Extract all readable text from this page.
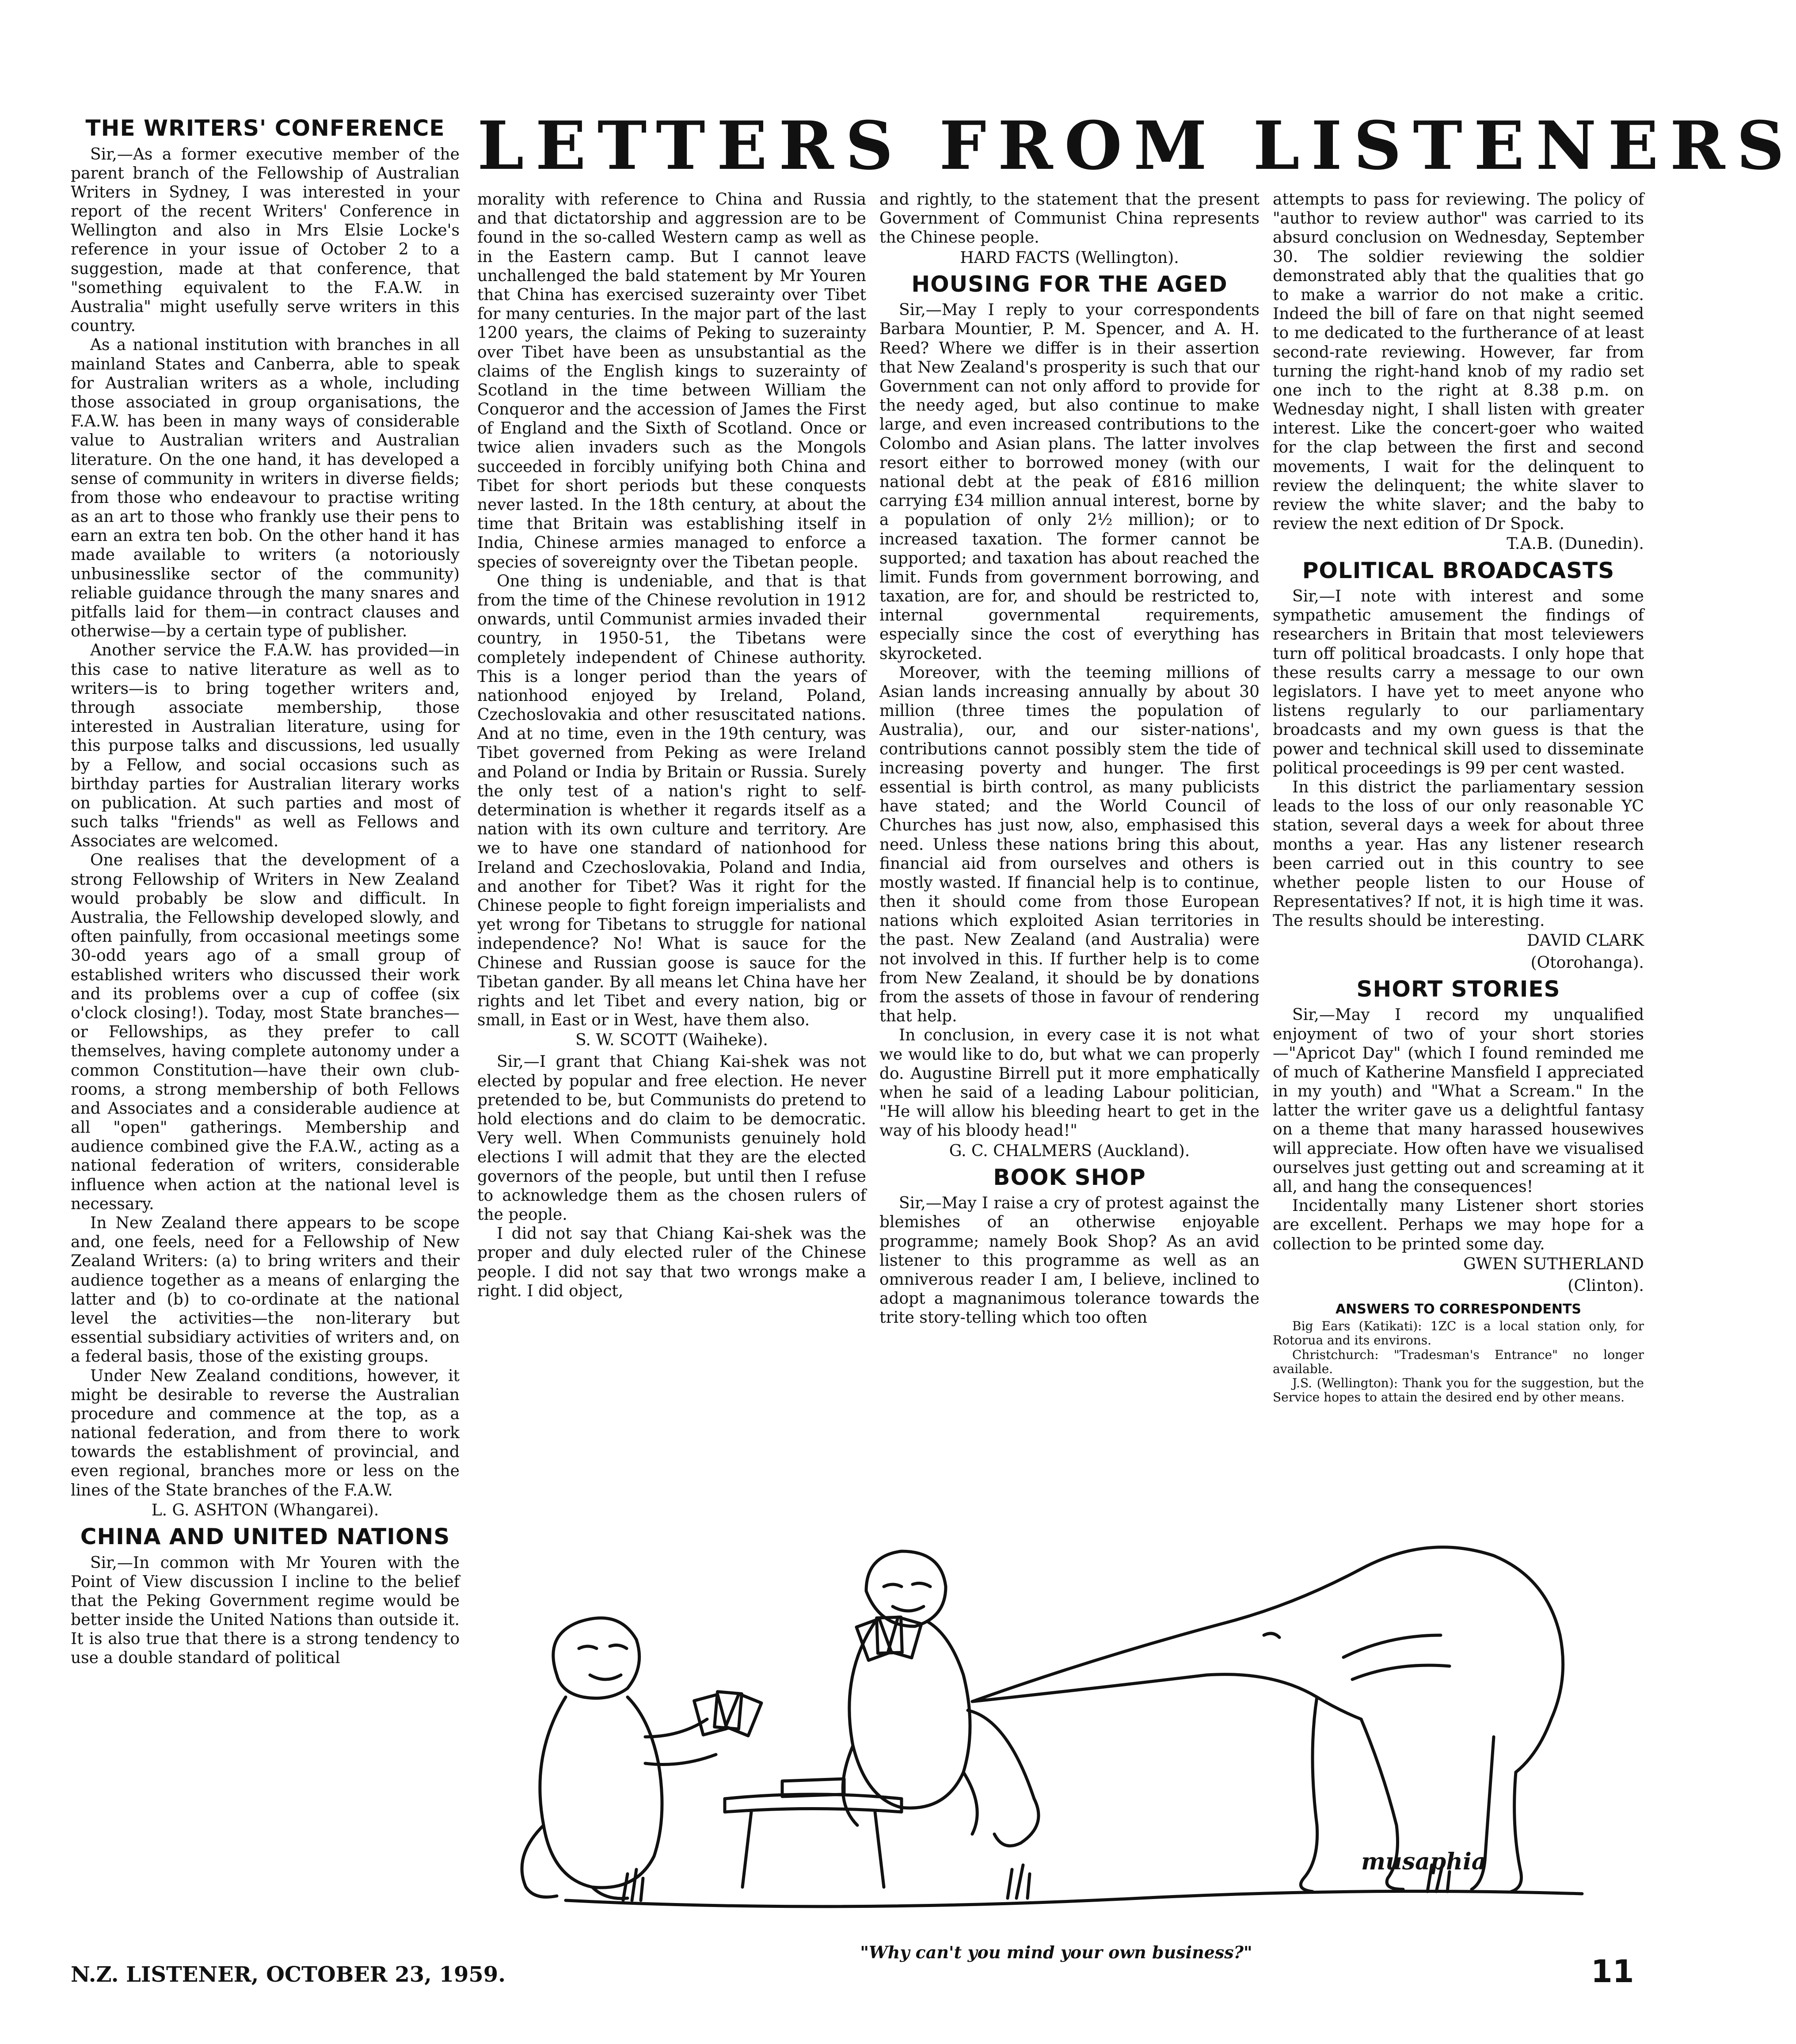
LETTERS FROM LISTENERS
THE WRITERS' CONFERENCE

Sir,—As a former executive member of the parent branch of the Fellowship of Australian Writers in Sydney, I was interested in your report of the recent Writers' Conference in Wellington and also in Mrs Elsie Locke's reference in your issue of October 2 to a suggestion, made at that conference, that "something equivalent to the F.A.W. in Australia" might usefully serve writers in this country.

As a national institution with branches in all mainland States and Canberra, able to speak for Australian writers as a whole, including those associated in group organisations, the F.A.W. has been in many ways of considerable value to Australian writers and Australian literature. On the one hand, it has developed a sense of community in writers in diverse fields; from those who endeavour to practise writing as an art to those who frankly use their pens to earn an extra ten bob. On the other hand it has made available to writers (a notoriously unbusinesslike sector of the community) reliable guidance through the many snares and pitfalls laid for them—in contract clauses and otherwise—by a certain type of publisher.

Another service the F.A.W. has provided—in this case to native literature as well as to writers—is to bring together writers and, through associate membership, those interested in Australian literature, using for this purpose talks and discussions, led usually by a Fellow, and social occasions such as birthday parties for Australian literary works on publication. At such parties and most of such talks "friends" as well as Fellows and Associates are welcomed.

One realises that the development of a strong Fellowship of Writers in New Zealand would probably be slow and difficult. In Australia, the Fellowship developed slowly, and often painfully, from occasional meetings some 30-odd years ago of a small group of established writers who discussed their work and its problems over a cup of coffee (six o'clock closing!). Today, most State branches—or Fellowships, as they prefer to call themselves, having complete autonomy under a common Constitution—have their own club-rooms, a strong membership of both Fellows and Associates and a considerable audience at all "open" gatherings. Membership and audience combined give the F.A.W., acting as a national federation of writers, considerable influence when action at the national level is necessary.

In New Zealand there appears to be scope and, one feels, need for a Fellowship of New Zealand Writers: (a) to bring writers and their audience together as a means of enlarging the latter and (b) to co-ordinate at the national level the activities—the non-literary but essential subsidiary activities of writers and, on a federal basis, those of the existing groups.

Under New Zealand conditions, however, it might be desirable to reverse the Australian procedure and commence at the top, as a national federation, and from there to work towards the establishment of provincial, and even regional, branches more or less on the lines of the State branches of the F.A.W.

L. G. ASHTON (Whangarei).

CHINA AND UNITED NATIONS

Sir,—In common with Mr Youren with the Point of View discussion I incline to the belief that the Peking Government regime would be better inside the United Nations than outside it. It is also true that there is a strong tendency to use a double standard of political

morality with reference to China and Russia and that dictatorship and aggression are to be found in the so-called Western camp as well as in the Eastern camp. But I cannot leave unchallenged the bald statement by Mr Youren that China has exercised suzerainty over Tibet for many centuries. In the major part of the last 1200 years, the claims of Peking to suzerainty over Tibet have been as unsubstantial as the claims of the English kings to suzerainty of Scotland in the time between William the Conqueror and the accession of James the First of England and the Sixth of Scotland. Once or twice alien invaders such as the Mongols succeeded in forcibly unifying both China and Tibet for short periods but these conquests never lasted. In the 18th century, at about the time that Britain was establishing itself in India, Chinese armies managed to enforce a species of sovereignty over the Tibetan people.

One thing is undeniable, and that is that from the time of the Chinese revolution in 1912 onwards, until Communist armies invaded their country, in 1950-51, the Tibetans were completely independent of Chinese authority. This is a longer period than the years of nationhood enjoyed by Ireland, Poland, Czechoslovakia and other resuscitated nations. And at no time, even in the 19th century, was Tibet governed from Peking as were Ireland and Poland or India by Britain or Russia. Surely the only test of a nation's right to self-determination is whether it regards itself as a nation with its own culture and territory. Are we to have one standard of nationhood for Ireland and Czechoslovakia, Poland and India, and another for Tibet? Was it right for the Chinese people to fight foreign imperialists and yet wrong for Tibetans to struggle for national independence? No! What is sauce for the Chinese and Russian goose is sauce for the Tibetan gander. By all means let China have her rights and let Tibet and every nation, big or small, in East or in West, have them also.

S. W. SCOTT (Waiheke).

Sir,—I grant that Chiang Kai-shek was not elected by popular and free election. He never pretended to be, but Communists do pretend to hold elections and do claim to be democratic. Very well. When Communists genuinely hold elections I will admit that they are the elected governors of the people, but until then I refuse to acknowledge them as the chosen rulers of the people.

I did not say that Chiang Kai-shek was the proper and duly elected ruler of the Chinese people. I did not say that two wrongs make a right. I did object,

and rightly, to the statement that the present Government of Communist China represents the Chinese people.

HARD FACTS (Wellington).

HOUSING FOR THE AGED

Sir,—May I reply to your correspondents Barbara Mountier, P. M. Spencer, and A. H. Reed? Where we differ is in their assertion that New Zealand's prosperity is such that our Government can not only afford to provide for the needy aged, but also continue to make large, and even increased contributions to the Colombo and Asian plans. The latter involves resort either to borrowed money (with our national debt at the peak of £816 million carrying £34 million annual interest, borne by a population of only 2½ million); or to increased taxation. The former cannot be supported; and taxation has about reached the limit. Funds from government borrowing, and taxation, are for, and should be restricted to, internal governmental requirements, especially since the cost of everything has skyrocketed.

Moreover, with the teeming millions of Asian lands increasing annually by about 30 million (three times the population of Australia), our, and our sister-nations', contributions cannot possibly stem the tide of increasing poverty and hunger. The first essential is birth control, as many publicists have stated; and the World Council of Churches has just now, also, emphasised this need. Unless these nations bring this about, financial aid from ourselves and others is mostly wasted. If financial help is to continue, then it should come from those European nations which exploited Asian territories in the past. New Zealand (and Australia) were not involved in this. If further help is to come from New Zealand, it should be by donations from the assets of those in favour of rendering that help.

In conclusion, in every case it is not what we would like to do, but what we can properly do. Augustine Birrell put it more emphatically when he said of a leading Labour politician, "He will allow his bleeding heart to get in the way of his bloody head!"

G. C. CHALMERS (Auckland).

BOOK SHOP

Sir,—May I raise a cry of protest against the blemishes of an otherwise enjoyable programme; namely Book Shop? As an avid listener to this programme as well as an omniverous reader I am, I believe, inclined to adopt a magnanimous tolerance towards the trite story-telling which too often

attempts to pass for reviewing. The policy of "author to review author" was carried to its absurd conclusion on Wednesday, September 30. The soldier reviewing the soldier demonstrated ably that the qualities that go to make a warrior do not make a critic. Indeed the bill of fare on that night seemed to me dedicated to the furtherance of at least second-rate reviewing. However, far from turning the right-hand knob of my radio set one inch to the right at 8.38 p.m. on Wednesday night, I shall listen with greater interest. Like the concert-goer who waited for the clap between the first and second movements, I wait for the delinquent to review the delinquent; the white slaver to review the white slaver; and the baby to review the next edition of Dr Spock.

T.A.B. (Dunedin).

POLITICAL BROADCASTS

Sir,—I note with interest and some sympathetic amusement the findings of researchers in Britain that most televiewers turn off political broadcasts. I only hope that these results carry a message to our own legislators. I have yet to meet anyone who listens regularly to our parliamentary broadcasts and my own guess is that the power and technical skill used to disseminate political proceedings is 99 per cent wasted.

In this district the parliamentary session leads to the loss of our only reasonable YC station, several days a week for about three months a year. Has any listener research been carried out in this country to see whether people listen to our House of Representatives? If not, it is high time it was. The results should be interesting.

DAVID CLARK

(Otorohanga).

SHORT STORIES

Sir,—May I record my unqualified enjoyment of two of your short stories—"Apricot Day" (which I found reminded me of much of Katherine Mansfield I appreciated in my youth) and "What a Scream." In the latter the writer gave us a delightful fantasy on a theme that many harassed housewives will appreciate. How often have we visualised ourselves just getting out and screaming at it all, and hang the consequences!

Incidentally many Listener short stories are excellent. Perhaps we may hope for a collection to be printed some day.

GWEN SUTHERLAND

(Clinton).

ANSWERS TO CORRESPONDENTS

Big Ears (Katikati): 1ZC is a local station only, for Rotorua and its environs.

Christchurch: "Tradesman's Entrance" no longer available.

J.S. (Wellington): Thank you for the suggestion, but the Service hopes to attain the desired end by other means.

musaphia
"Why can't you mind your own business?"
N.Z. LISTENER, OCTOBER 23, 1959.	11
